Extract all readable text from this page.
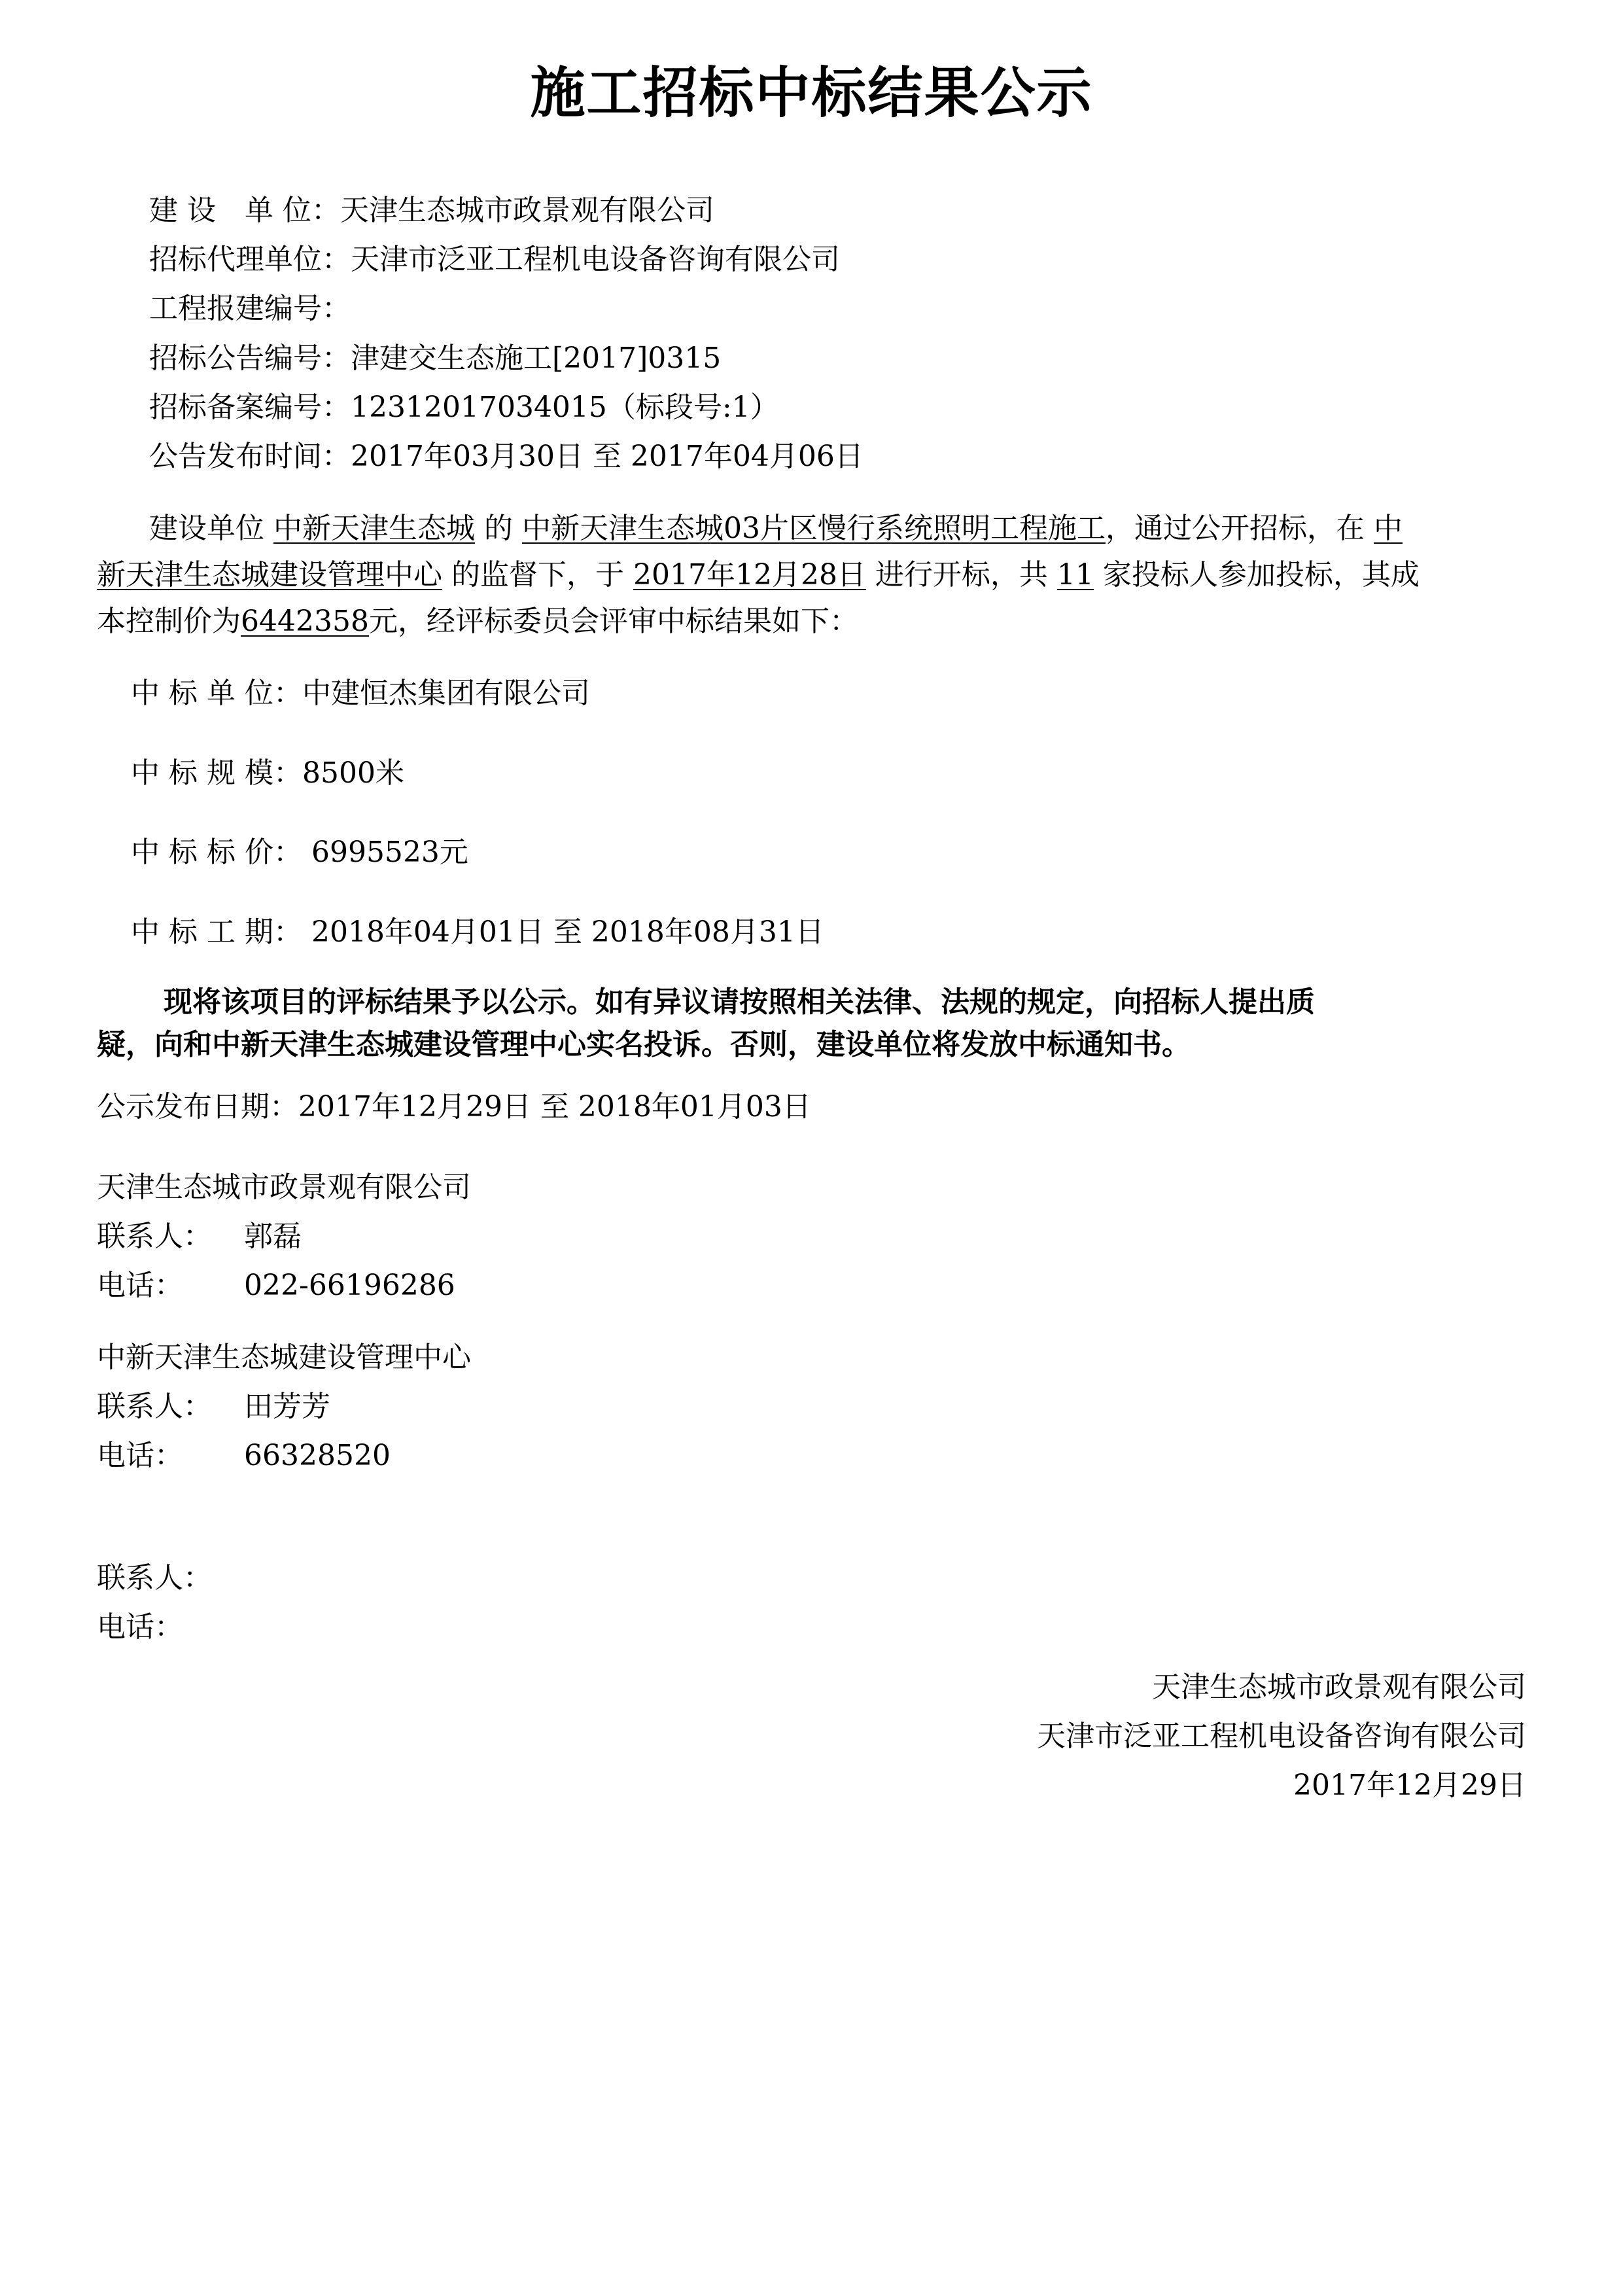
施工招标中标结果公示
建 设　单 位：天津生态城市政景观有限公司
招标代理单位：天津市泛亚工程机电设备咨询有限公司
工程报建编号：
招标公告编号：津建交生态施工[2017]0315
招标备案编号：12312017034015（标段号:1）
公告发布时间：2017年03月30日 至 2017年04月06日
建设单位 中新天津生态城 的 中新天津生态城03片区慢行系统照明工程施工，通过公开招标，在 中
新天津生态城建设管理中心 的监督下，于 2017年12月28日 进行开标，共 11 家投标人参加投标，其成
本控制价为6442358元，经评标委员会评审中标结果如下：
中 标 单 位：中建恒杰集团有限公司
中 标 规 模：8500米
中 标 标 价： 6995523元
中 标 工 期： 2018年04月01日 至 2018年08月31日
现将该项目的评标结果予以公示。如有异议请按照相关法律、法规的规定，向招标人提出质
疑，向和中新天津生态城建设管理中心实名投诉。否则，建设单位将发放中标通知书。
公示发布日期：2017年12月29日 至 2018年01月03日
天津生态城市政景观有限公司
联系人： 郭磊
电话： 022-66196286
中新天津生态城建设管理中心
联系人： 田芳芳
电话： 66328520
联系人：
电话：
天津生态城市政景观有限公司
天津市泛亚工程机电设备咨询有限公司
2017年12月29日
